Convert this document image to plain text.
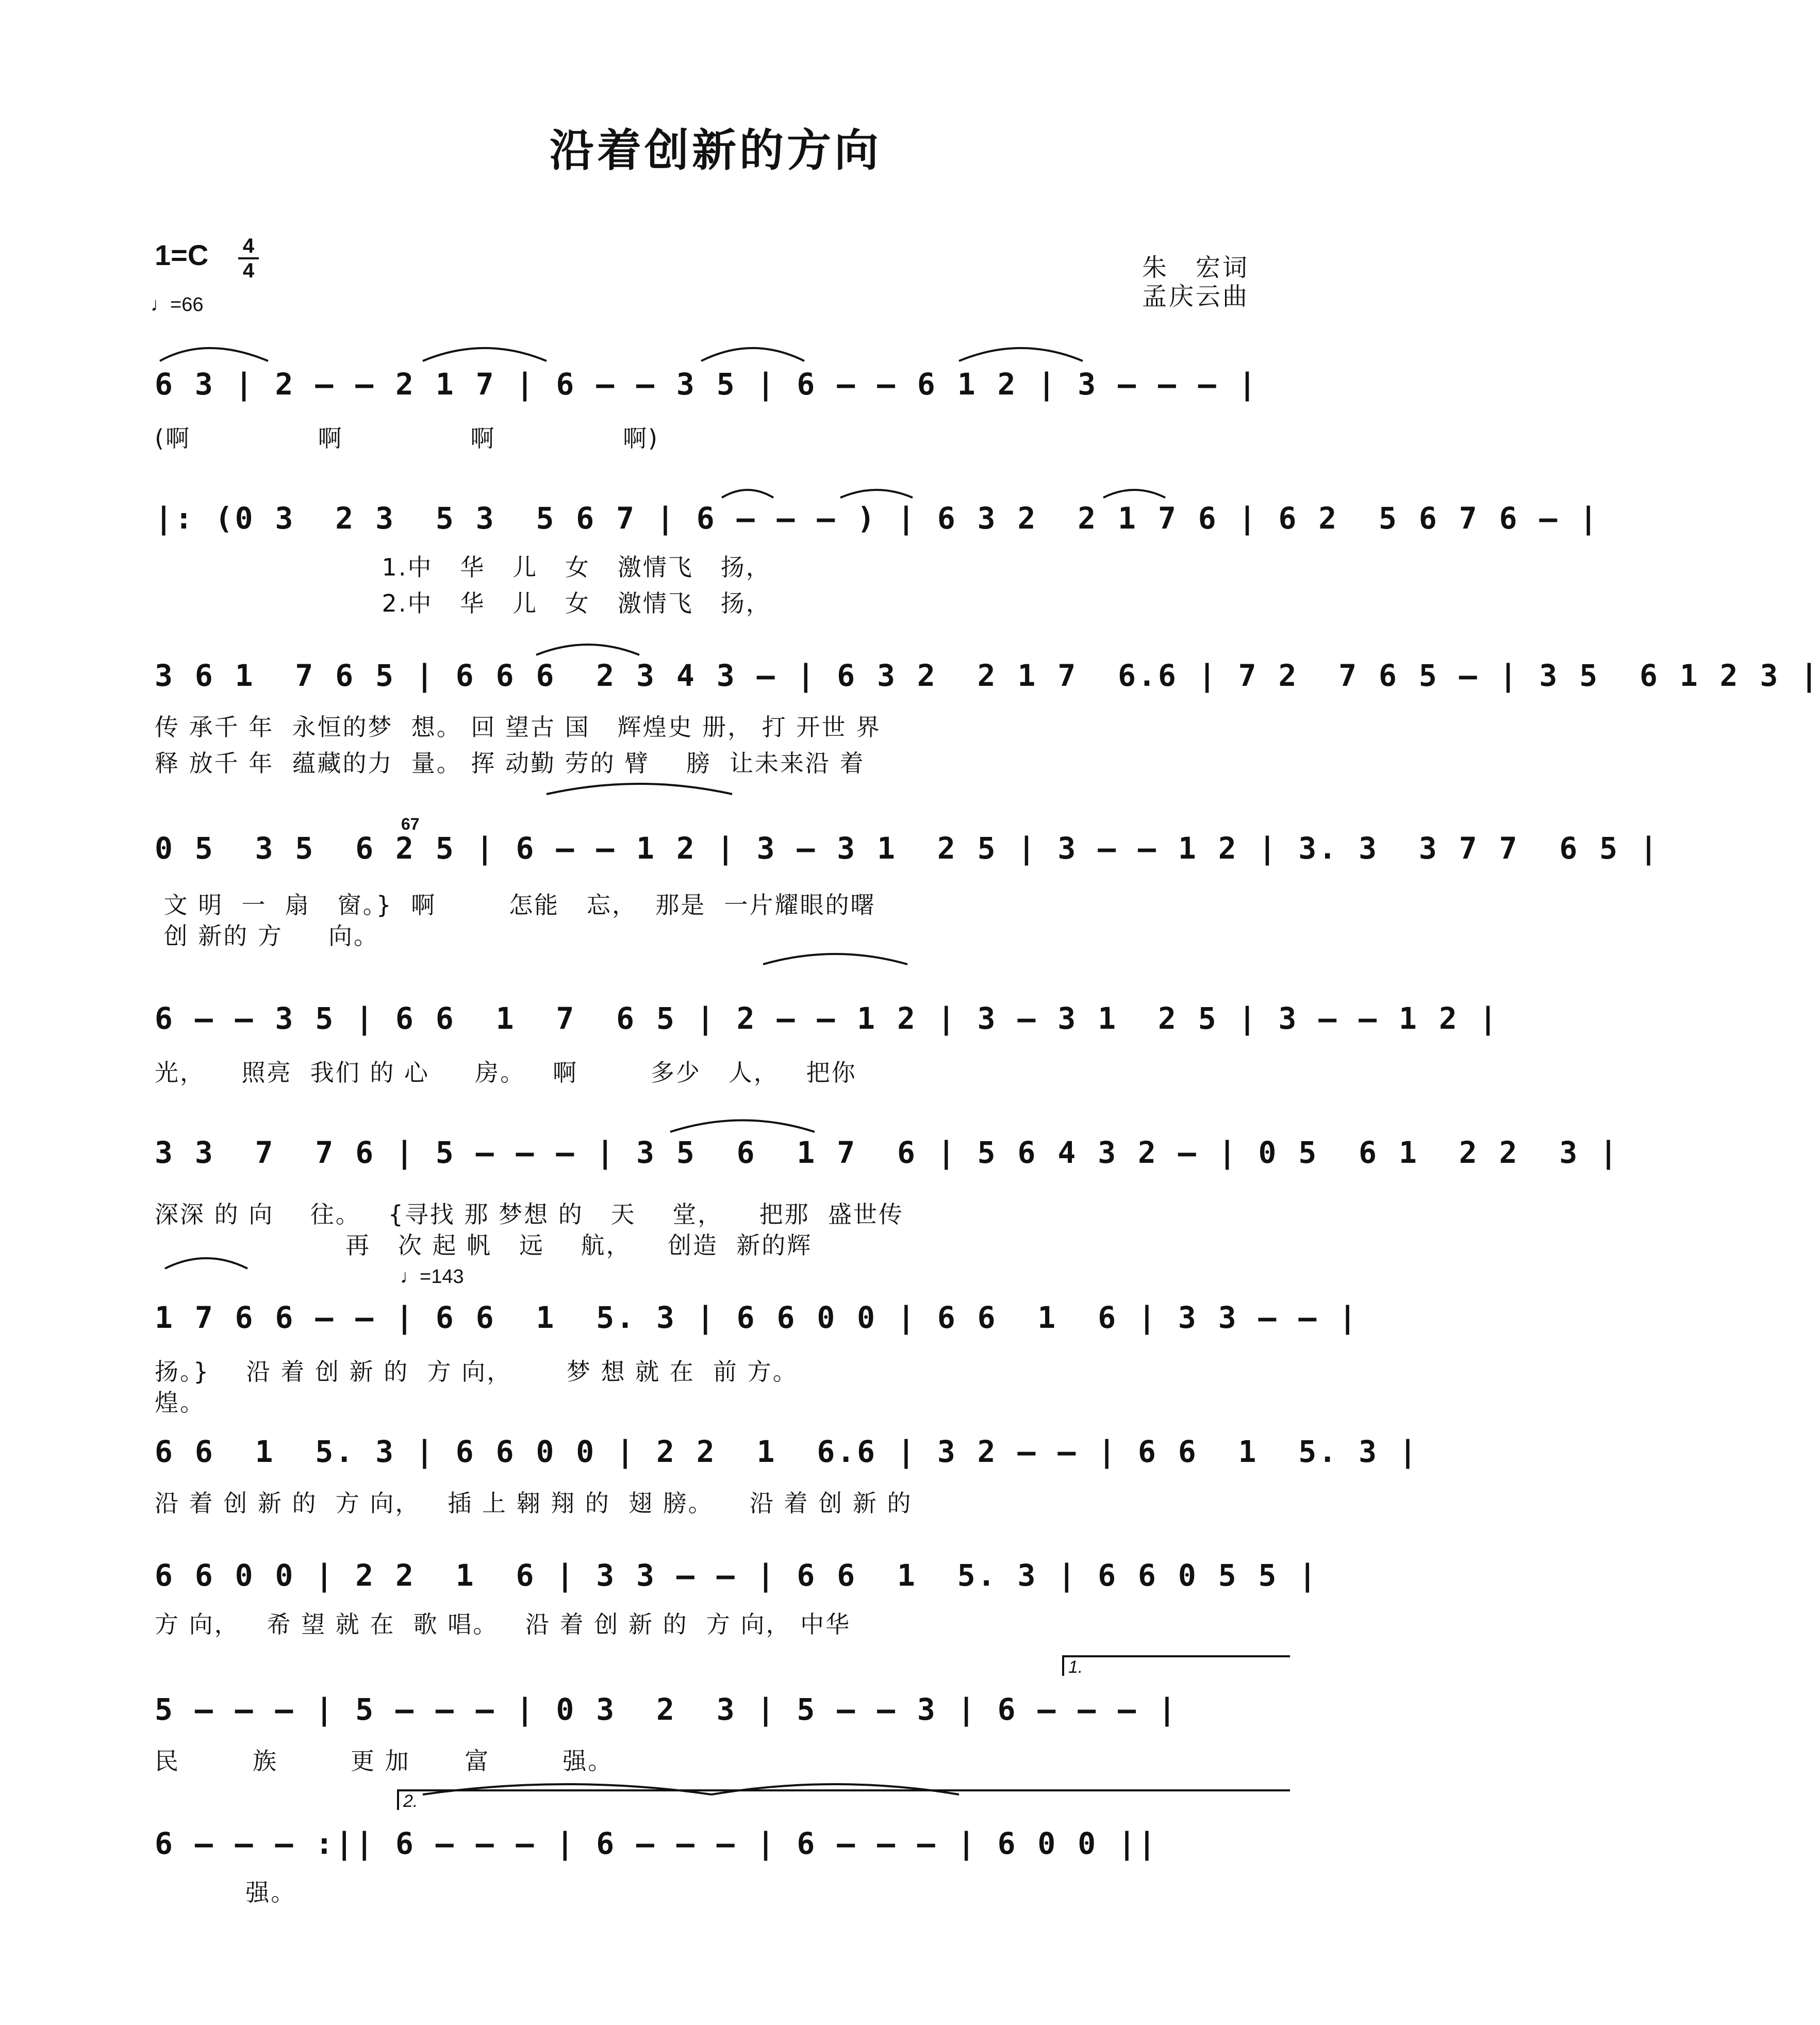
沿着创新的方向
1=C 4
4
♩=66
朱　宏词
孟庆云曲
6 3 | 2 – – 2 1 7 | 6 – – 3 5 | 6 – – 6 1 2 | 3 – – – |
(啊              啊              啊              啊)
|: (0 3  2 3  5 3  5 6 7 | 6 – – – ) | 6 3 2  2 1 7 6 | 6 2  5 6 7 6 – |
1.中   华   儿   女   激情飞   扬，
2.中   华   儿   女   激情飞   扬，
3 6 1  7 6 5 | 6 6 6  2 3 4 3 – | 6 3 2  2 1 7  6.6 | 7 2  7 6 5 – | 3 5  6 1 2 3 |
传 承千 年  永恒的梦  想。 回 望古 国   辉煌史 册， 打 开世 界
释 放千 年  蕴藏的力  量。 挥 动勤 劳的 臂    膀  让未来沿 着
67
0 5  3 5  6 2 5 | 6 – – 1 2 | 3 – 3 1  2 5 | 3 – – 1 2 | 3. 3  3 7 7  6 5 |
文 明  一  扇   窗。}  啊        怎能   忘，  那是  一片耀眼的曙
创 新的 方     向。
6 – – 3 5 | 6 6  1  7  6 5 | 2 – – 1 2 | 3 – 3 1  2 5 | 3 – – 1 2 |
光，    照亮  我们 的 心     房。   啊        多少   人，   把你
3 3  7  7 6 | 5 – – – | 3 5  6  1 7  6 | 5 6 4 3 2 – | 0 5  6 1  2 2  3 |
深深 的 向    往。   {寻找 那 梦想 的   天    堂，    把那  盛世传
再   次 起 帆   远    航，    创造  新的辉
♩=143
1 7 6 6 – – | 6 6  1  5. 3 | 6 6 0 0 | 6 6  1  6 | 3 3 – – |
扬。}    沿 着 创 新 的  方 向，      梦 想 就 在  前 方。
煌。
6 6  1  5. 3 | 6 6 0 0 | 2 2  1  6.6 | 3 2 – – | 6 6  1  5. 3 |
沿 着 创 新 的  方 向，   插 上 翱 翔 的  翅 膀。    沿 着 创 新 的
6 6 0 0 | 2 2  1  6 | 3 3 – – | 6 6  1  5. 3 | 6 6 0 5 5 |
方 向，   希 望 就 在  歌 唱。   沿 着 创 新 的  方 向， 中华
1.
5 – – – | 5 – – – | 0 3  2  3 | 5 – – 3 | 6 – – – |
民        族        更 加      富        强。
2.
6 – – – :|| 6 – – – | 6 – – – | 6 – – – | 6 0 0 ||
强。
